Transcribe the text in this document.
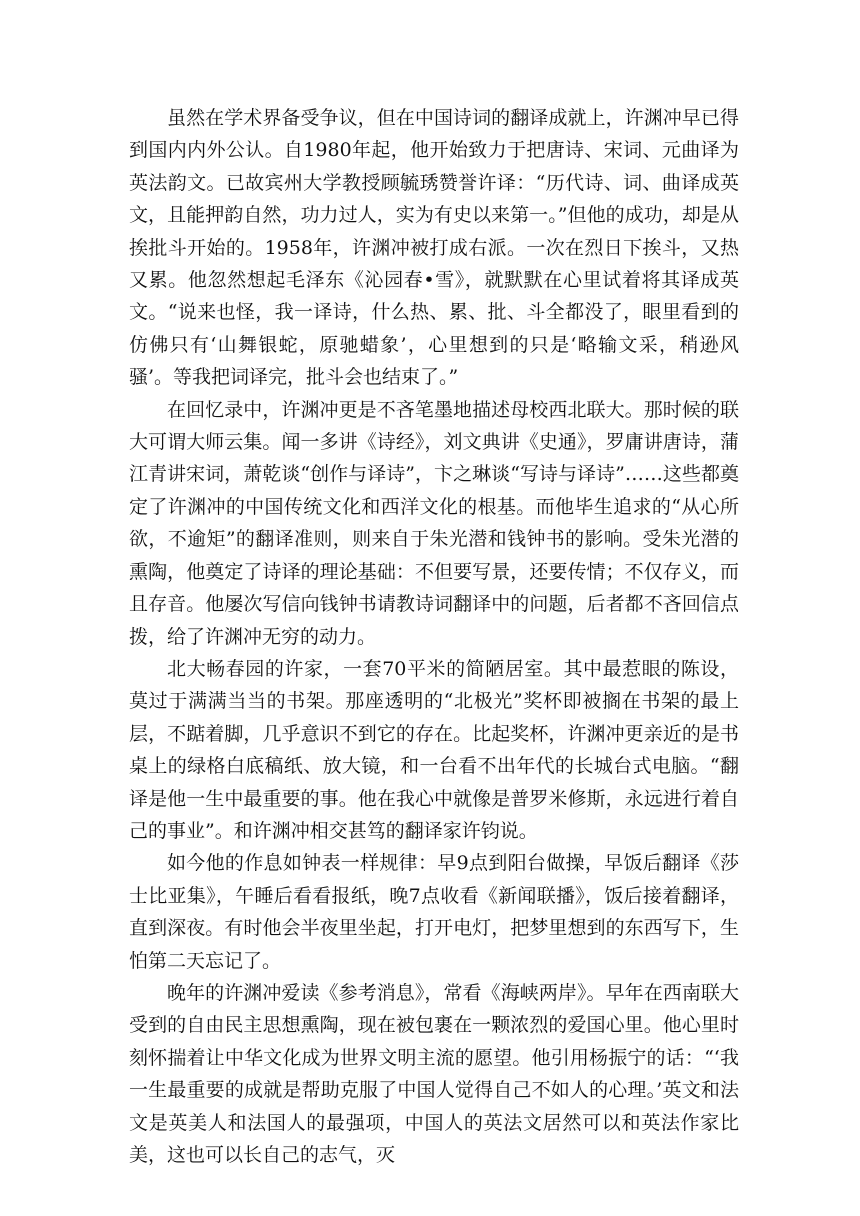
虽然在学术界备受争议，但在中国诗词的翻译成就上，许渊冲早已得到国内内外公认。自1980年起，他开始致力于把唐诗、宋词、元曲译为英法韵文。已故宾州大学教授顾毓琇赞誉许译：“历代诗、词、曲译成英文，且能押韵自然，功力过人，实为有史以来第一。”但他的成功，却是从挨批斗开始的。1958年，许渊冲被打成右派。一次在烈日下挨斗，又热又累。他忽然想起毛泽东《沁园春•雪》，就默默在心里试着将其译成英文。“说来也怪，我一译诗，什么热、累、批、斗全都没了，眼里看到的仿佛只有‘山舞银蛇，原驰蜡象’，心里想到的只是‘略输文采，稍逊风骚’。等我把词译完，批斗会也结束了。”

在回忆录中，许渊冲更是不吝笔墨地描述母校西北联大。那时候的联大可谓大师云集。闻一多讲《诗经》，刘文典讲《史通》，罗庸讲唐诗，蒲江青讲宋词，萧乾谈“创作与译诗”，卞之琳谈“写诗与译诗”……这些都奠定了许渊冲的中国传统文化和西洋文化的根基。而他毕生追求的“从心所欲，不逾矩”的翻译准则，则来自于朱光潜和钱钟书的影响。受朱光潜的熏陶，他奠定了诗译的理论基础：不但要写景，还要传情；不仅存义，而且存音。他屡次写信向钱钟书请教诗词翻译中的问题，后者都不吝回信点拨，给了许渊冲无穷的动力。

北大畅春园的许家，一套70平米的简陋居室。其中最惹眼的陈设，莫过于满满当当的书架。那座透明的“北极光”奖杯即被搁在书架的最上层，不踮着脚，几乎意识不到它的存在。比起奖杯，许渊冲更亲近的是书桌上的绿格白底稿纸、放大镜，和一台看不出年代的长城台式电脑。“翻译是他一生中最重要的事。他在我心中就像是普罗米修斯，永远进行着自己的事业”。和许渊冲相交甚笃的翻译家许钧说。

如今他的作息如钟表一样规律：早9点到阳台做操，早饭后翻译《莎士比亚集》，午睡后看看报纸，晚7点收看《新闻联播》，饭后接着翻译，直到深夜。有时他会半夜里坐起，打开电灯，把梦里想到的东西写下，生怕第二天忘记了。

晚年的许渊冲爱读《参考消息》，常看《海峡两岸》。早年在西南联大受到的自由民主思想熏陶，现在被包裹在一颗浓烈的爱国心里。他心里时刻怀揣着让中华文化成为世界文明主流的愿望。他引用杨振宁的话：“‘我一生最重要的成就是帮助克服了中国人觉得自己不如人的心理。’英文和法文是英美人和法国人的最强项，中国人的英法文居然可以和英法作家比美，这也可以长自己的志气，灭
